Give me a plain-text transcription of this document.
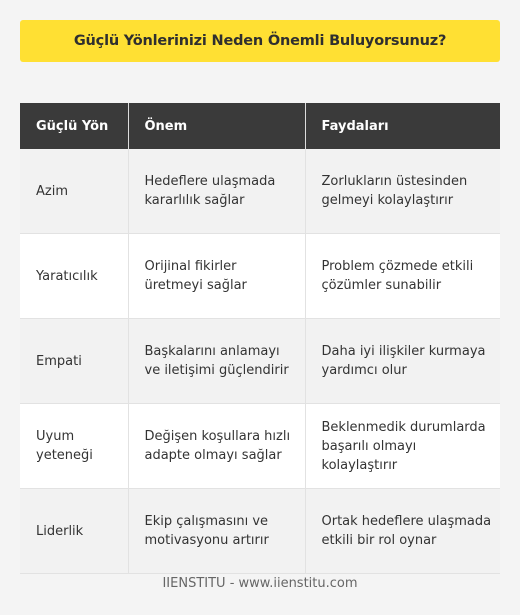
Güçlü Yönlerinizi Neden Önemli Buluyorsunuz?
Güçlü Yön	Önem	Faydaları
Azim	Hedeflere ulaşmada kararlılık sağlar	Zorlukların üstesinden gelmeyi kolaylaştırır
Yaratıcılık	Orijinal fikirler üretmeyi sağlar	Problem çözmede etkili çözümler sunabilir
Empati	Başkalarını anlamayı ve iletişimi güçlendirir	Daha iyi ilişkiler kurmaya yardımcı olur
Uyum yeteneği	Değişen koşullara hızlı adapte olmayı sağlar	Beklenmedik durumlarda başarılı olmayı kolaylaştırır
Liderlik	Ekip çalışmasını ve motivasyonu artırır	Ortak hedeflere ulaşmada etkili bir rol oynar
IIENSTITU - www.iienstitu.com
